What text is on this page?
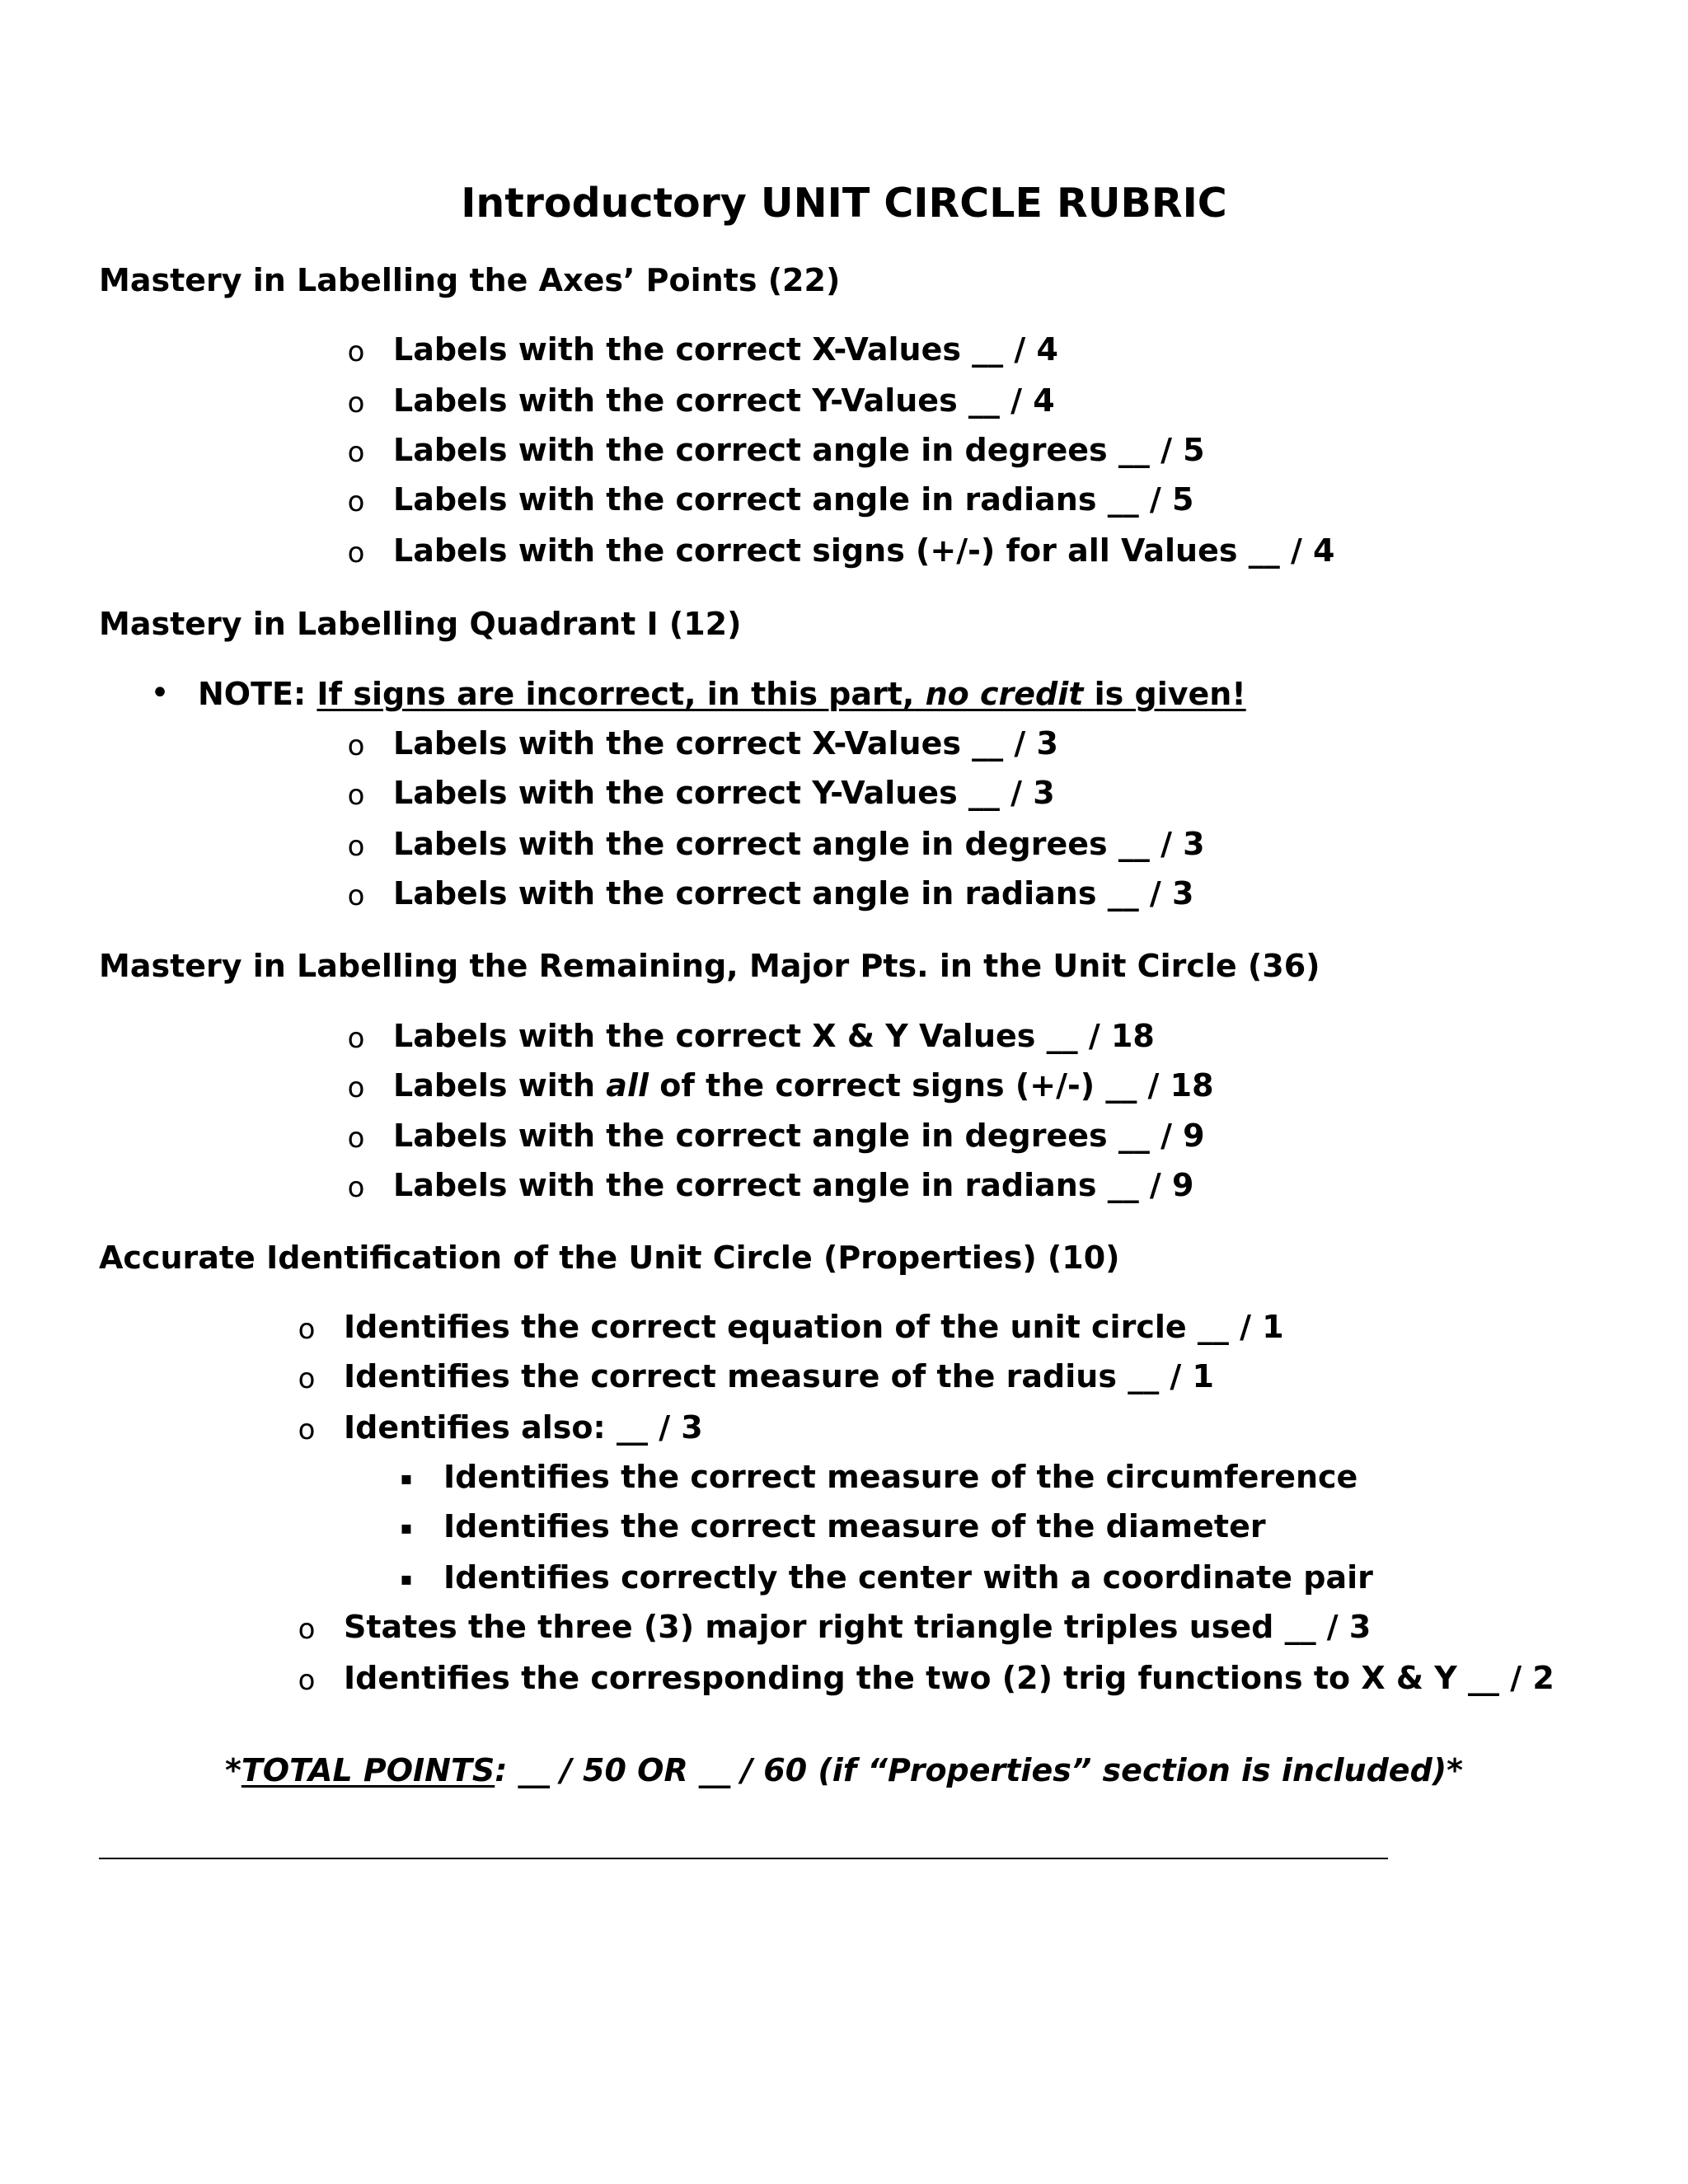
Introductory UNIT CIRCLE RUBRIC
Mastery in Labelling the Axes’ Points (22)
o Labels with the correct X-Values __ / 4
o Labels with the correct Y-Values __ / 4
o Labels with the correct angle in degrees __ / 5
o Labels with the correct angle in radians __ / 5
o Labels with the correct signs (+/-) for all Values __ / 4
Mastery in Labelling Quadrant I (12)
• NOTE: If signs are incorrect, in this part, no credit is given!
o Labels with the correct X-Values __ / 3
o Labels with the correct Y-Values __ / 3
o Labels with the correct angle in degrees __ / 3
o Labels with the correct angle in radians __ / 3
Mastery in Labelling the Remaining, Major Pts. in the Unit Circle (36)
o Labels with the correct X & Y Values __ / 18
o Labels with all of the correct signs (+/-) __ / 18
o Labels with the correct angle in degrees __ / 9
o Labels with the correct angle in radians __ / 9
Accurate Identification of the Unit Circle (Properties) (10)
o Identifies the correct equation of the unit circle __ / 1
o Identifies the correct measure of the radius __ / 1
o Identifies also: __ / 3
▪ Identifies the correct measure of the circumference
▪ Identifies the correct measure of the diameter
▪ Identifies correctly the center with a coordinate pair
o States the three (3) major right triangle triples used __ / 3
o Identifies the corresponding the two (2) trig functions to X & Y __ / 2
*TOTAL POINTS: __ / 50 OR __ / 60 (if “Properties” section is included)*
